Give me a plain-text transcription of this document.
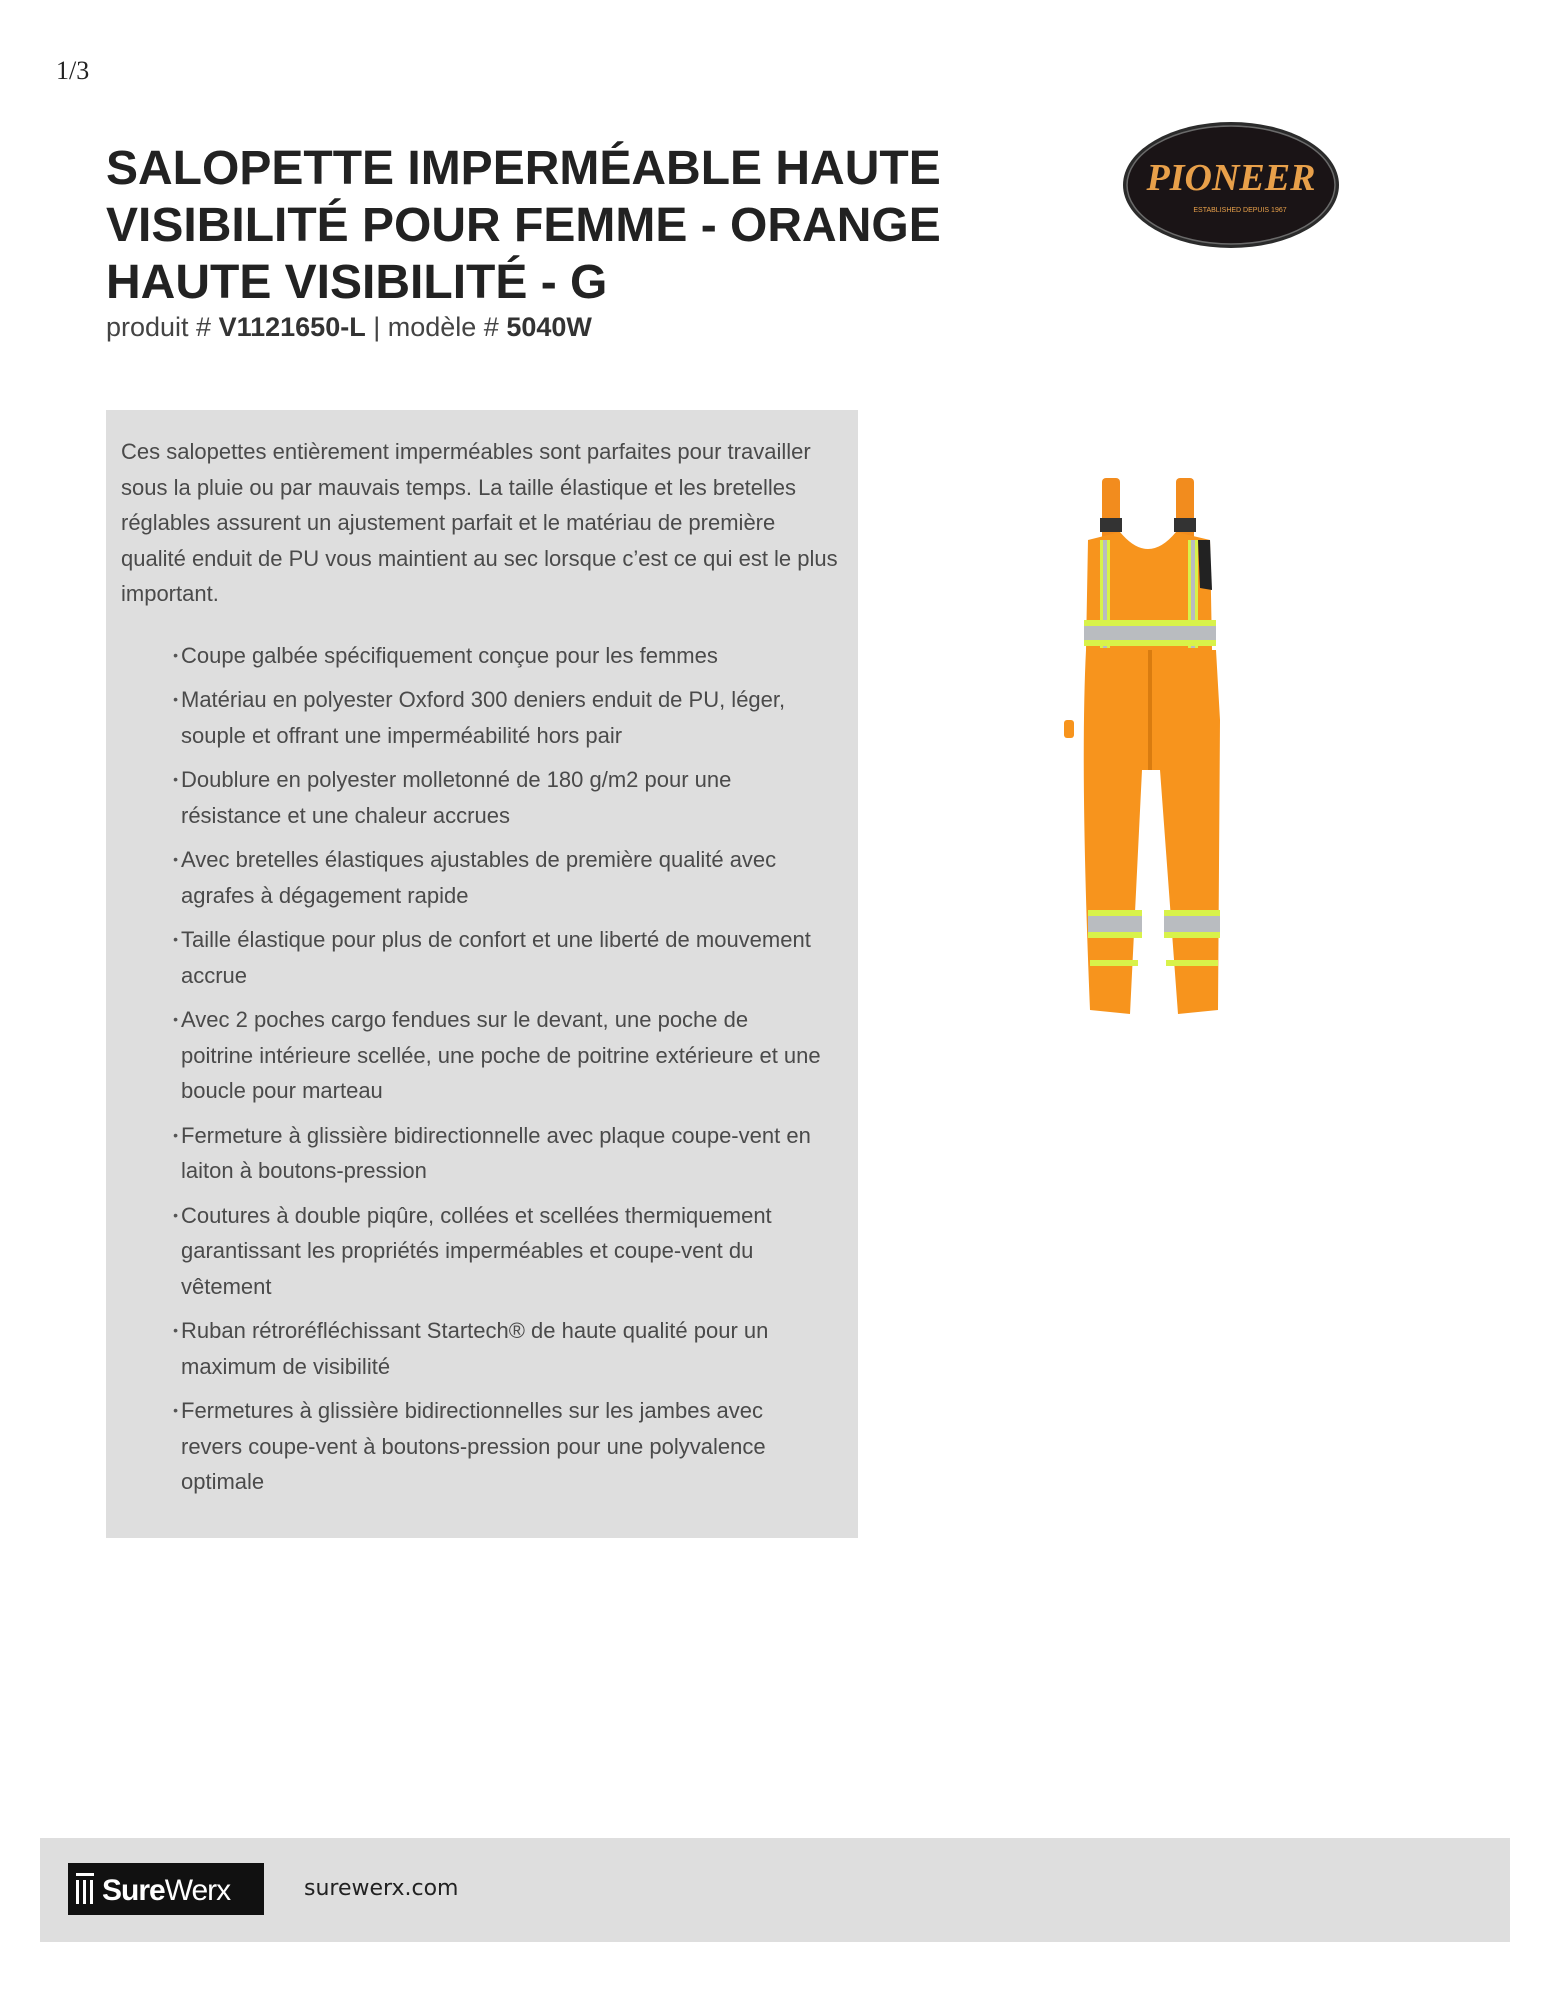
1/3
SALOPETTE IMPERMÉABLE HAUTE
VISIBILITÉ POUR FEMME - ORANGE
HAUTE VISIBILITÉ - G
produit # V1121650-L | modèle # 5040W
PIONEER
ESTABLISHED DEPUIS 1967

Ces salopettes entièrement imperméables sont parfaites pour travailler sous la pluie ou par mauvais temps. La taille élastique et les bretelles réglables assurent un ajustement parfait et le matériau de première qualité enduit de PU vous maintient au sec lorsque c’est ce qui est le plus important.

Coupe galbée spécifiquement conçue pour les femmes
Matériau en polyester Oxford 300 deniers enduit de PU, léger, souple et offrant une imperméabilité hors pair
Doublure en polyester molletonné de 180 g/m2 pour une résistance et une chaleur accrues
Avec bretelles élastiques ajustables de première qualité avec agrafes à dégagement rapide
Taille élastique pour plus de confort et une liberté de mouvement accrue
Avec 2 poches cargo fendues sur le devant, une poche de poitrine intérieure scellée, une poche de poitrine extérieure et une boucle pour marteau
Fermeture à glissière bidirectionnelle avec plaque coupe-vent en laiton à boutons-pression
Coutures à double piqûre, collées et scellées thermiquement garantissant les propriétés imperméables et coupe-vent du vêtement
Ruban rétroréfléchissant Startech® de haute qualité pour un maximum de visibilité
Fermetures à glissière bidirectionnelles sur les jambes avec revers coupe-vent à boutons-pression pour une polyvalence optimale
SureWerx	surewerx.com
